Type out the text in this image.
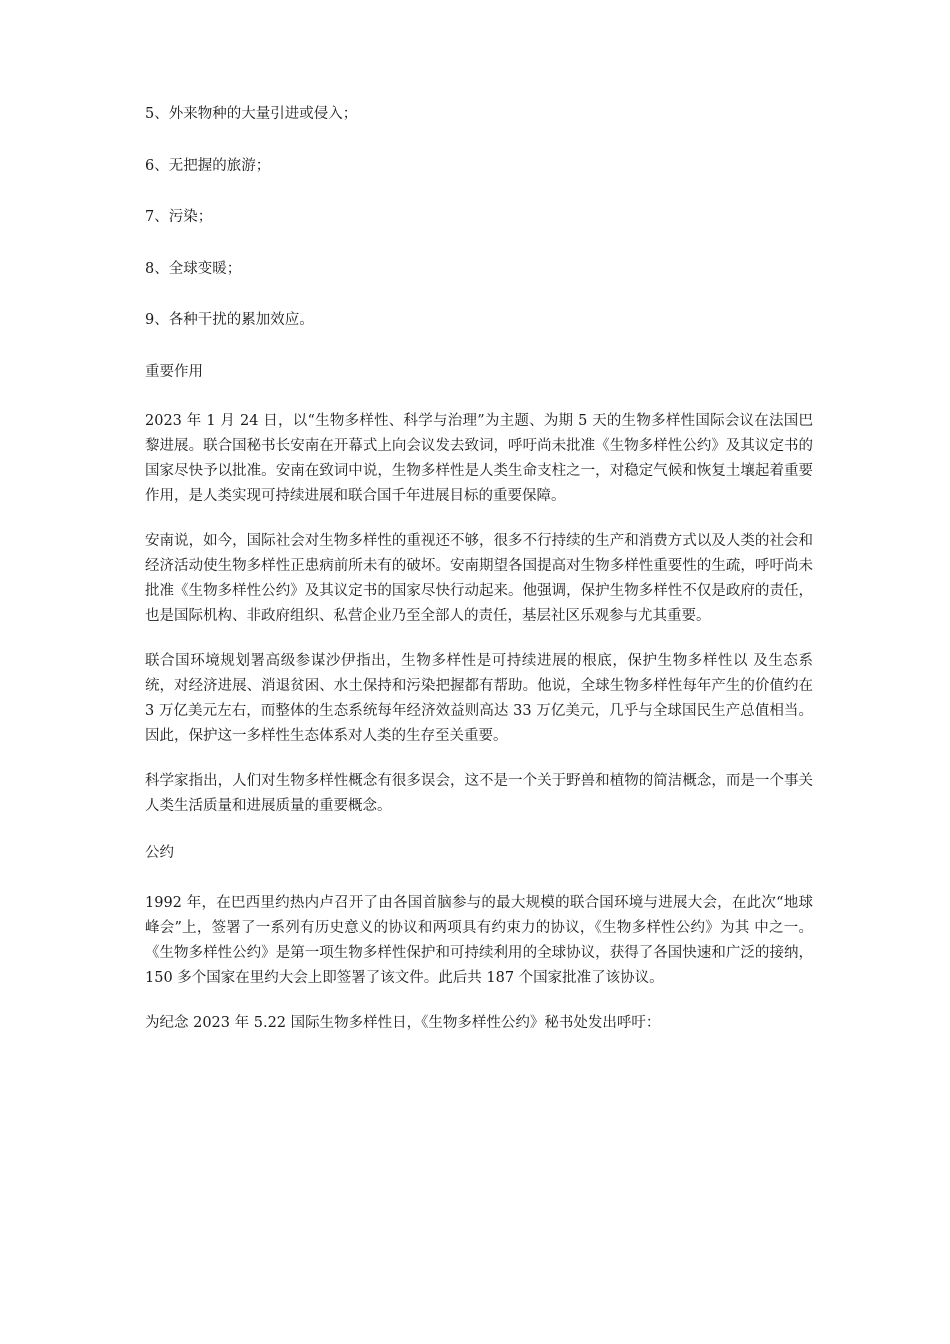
5、外来物种的大量引进或侵入；

6、无把握的旅游；

7、污染；

8、全球变暖；

9、各种干扰的累加效应。

重要作用

2023 年 1 月 24 日，以“生物多样性、科学与治理”为主题、为期 5 天的生物多样性国际会议在法国巴黎进展。联合国秘书长安南在开幕式上向会议发去致词，呼吁尚未批准《生物多样性公约》及其议定书的国家尽快予以批准。安南在致词中说，生物多样性是人类生命支柱之一，对稳定气候和恢复土壤起着重要作用，是人类实现可持续进展和联合国千年进展目标的重要保障。

安南说，如今，国际社会对生物多样性的重视还不够，很多不行持续的生产和消费方式以及人类的社会和经济活动使生物多样性正患病前所未有的破坏。安南期望各国提高对生物多样性重要性的生疏，呼吁尚未批准《生物多样性公约》及其议定书的国家尽快行动起来。他强调，保护生物多样性不仅是政府的责任，也是国际机构、非政府组织、私营企业乃至全部人的责任，基层社区乐观参与尤其重要。

联合国环境规划署高级参谋沙伊指出，生物多样性是可持续进展的根底，保护生物多样性以 及生态系统，对经济进展、消退贫困、水土保持和污染把握都有帮助。他说，全球生物多样性每年产生的价值约在 3 万亿美元左右，而整体的生态系统每年经济效益则高达 33 万亿美元，几乎与全球国民生产总值相当。因此，保护这一多样性生态体系对人类的生存至关重要。

科学家指出，人们对生物多样性概念有很多误会，这不是一个关于野兽和植物的简洁概念，而是一个事关人类生活质量和进展质量的重要概念。

公约

1992 年，在巴西里约热内卢召开了由各国首脑参与的最大规模的联合国环境与进展大会，在此次“地球峰会”上，签署了一系列有历史意义的协议和两项具有约束力的协议，《生物多样性公约》为其 中之一。《生物多样性公约》是第一项生物多样性保护和可持续利用的全球协议，获得了各国快速和广泛的接纳，150 多个国家在里约大会上即签署了该文件。此后共 187 个国家批准了该协议。

为纪念 2023 年 5.22 国际生物多样性日，《生物多样性公约》秘书处发出呼吁：
